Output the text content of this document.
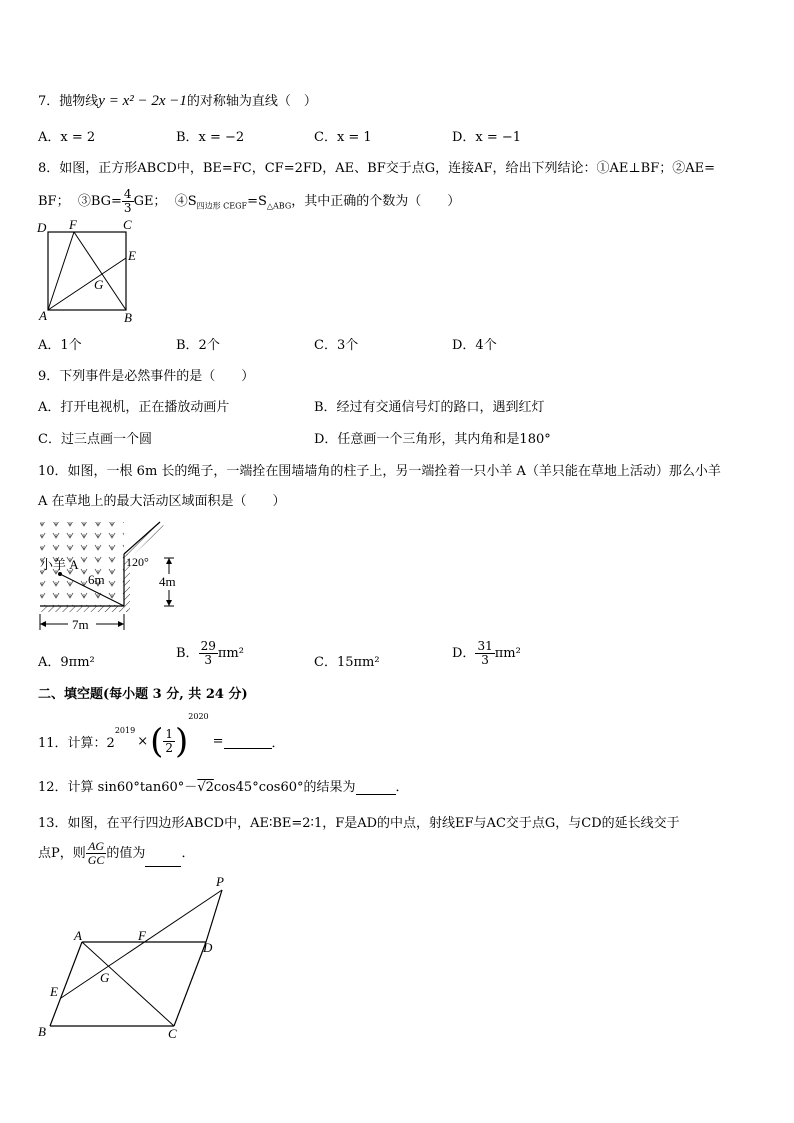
7．抛物线y = x² − 2x −1的对称轴为直线（　）
A．x = 2	B．x = −2	C．x = 1	D．x = −1
8．如图，正方形ABCD中，BE=FC，CF=2FD，AE、BF交于点G，连接AF，给出下列结论：①AE⊥BF；②AE=
BF； ③BG= $\frac{4}{3}$ GE； $④S_{四边形 CEGF}=S_{\triangle ABG}$，其中正确的个数为（　　）
D F	C
E
G
A	B
A．1个	B．2个	C．3个	D．4个
9．下列事件是必然事件的是（　　）
A．打开电视机，正在播放动画片	B．经过有交通信号灯的路口，遇到红灯
C．过三点画一个圆	D．任意画一个三角形，其内角和是180°
10．如图，一根 6m 长的绳子，一端拴在围墙墙角的柱子上，另一端拴着一只小羊 A（羊只能在草地上活动）那么小羊
A 在草地上的最大活动区域面积是（　　）
小羊 A
6m
120°
4m
7m
A．9πm²
B． $\frac{29}{3} \pi m^2$
C．15πm²
D． $\frac{31}{3} \pi m^2$
二、填空题(每小题 3 分, 共 24 分)
11．计算：$2^{2019}\times( \frac{1}{2} )^{2020}=$	．
12．计算 sin60°tan60°－√2cos45°cos60°的结果为	．
13．如图，在平行四边形ABCD中，AE∶BE=2∶1，F是AD的中点，射线EF与AC交于点G，与CD的延长线交于
点P，则 $\frac{AG}{GC}$ 的值为	．
P
A	F
D
G
E
B	C
